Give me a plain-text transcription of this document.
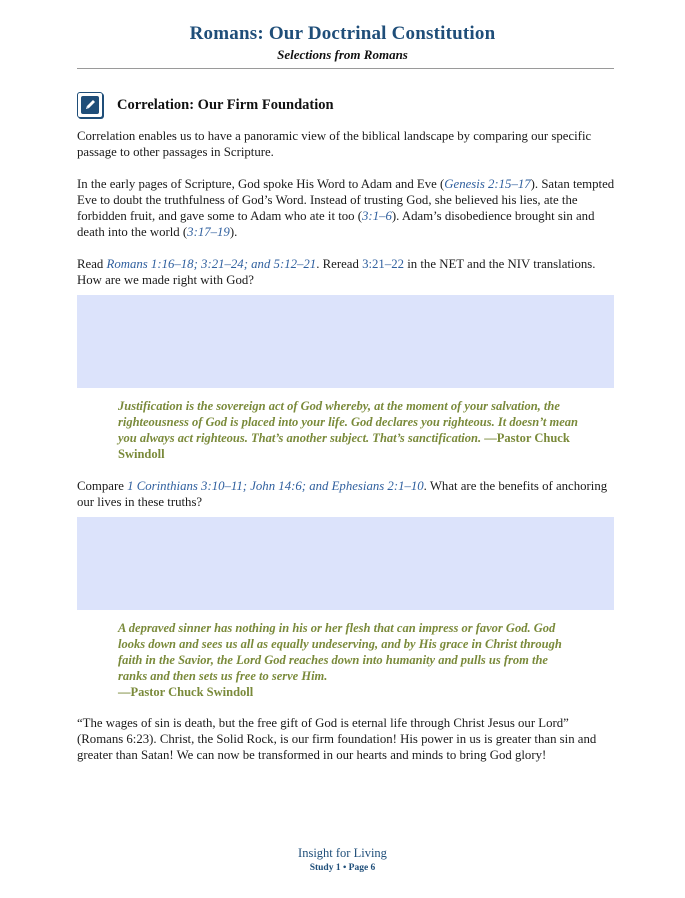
Romans: Our Doctrinal Constitution
Selections from Romans
Correlation: Our Firm Foundation
Correlation enables us to have a panoramic view of the biblical landscape by comparing our specific passage to other passages in Scripture.
In the early pages of Scripture, God spoke His Word to Adam and Eve (Genesis 2:15–17). Satan tempted Eve to doubt the truthfulness of God’s Word. Instead of trusting God, she believed his lies, ate the forbidden fruit, and gave some to Adam who ate it too (3:1–6). Adam’s disobedience brought sin and death into the world (3:17–19).
Read Romans 1:16–18; 3:21–24; and 5:12–21. Reread 3:21–22 in the NET and the NIV translations. How are we made right with God?
Justification is the sovereign act of God whereby, at the moment of your salvation, the righteousness of God is placed into your life. God declares you righteous. It doesn’t mean you always act righteous. That’s another subject. That’s sanctification. —Pastor Chuck Swindoll
Compare 1 Corinthians 3:10–11; John 14:6; and Ephesians 2:1–10. What are the benefits of anchoring our lives in these truths?
A depraved sinner has nothing in his or her flesh that can impress or favor God. God looks down and sees us all as equally undeserving, and by His grace in Christ through faith in the Savior, the Lord God reaches down into humanity and pulls us from the ranks and then sets us free to serve Him.
—Pastor Chuck Swindoll
“The wages of sin is death, but the free gift of God is eternal life through Christ Jesus our Lord” (Romans 6:23). Christ, the Solid Rock, is our firm foundation! His power in us is greater than sin and greater than Satan! We can now be transformed in our hearts and minds to bring God glory!
Insight for Living
Study 1 • Page 6
